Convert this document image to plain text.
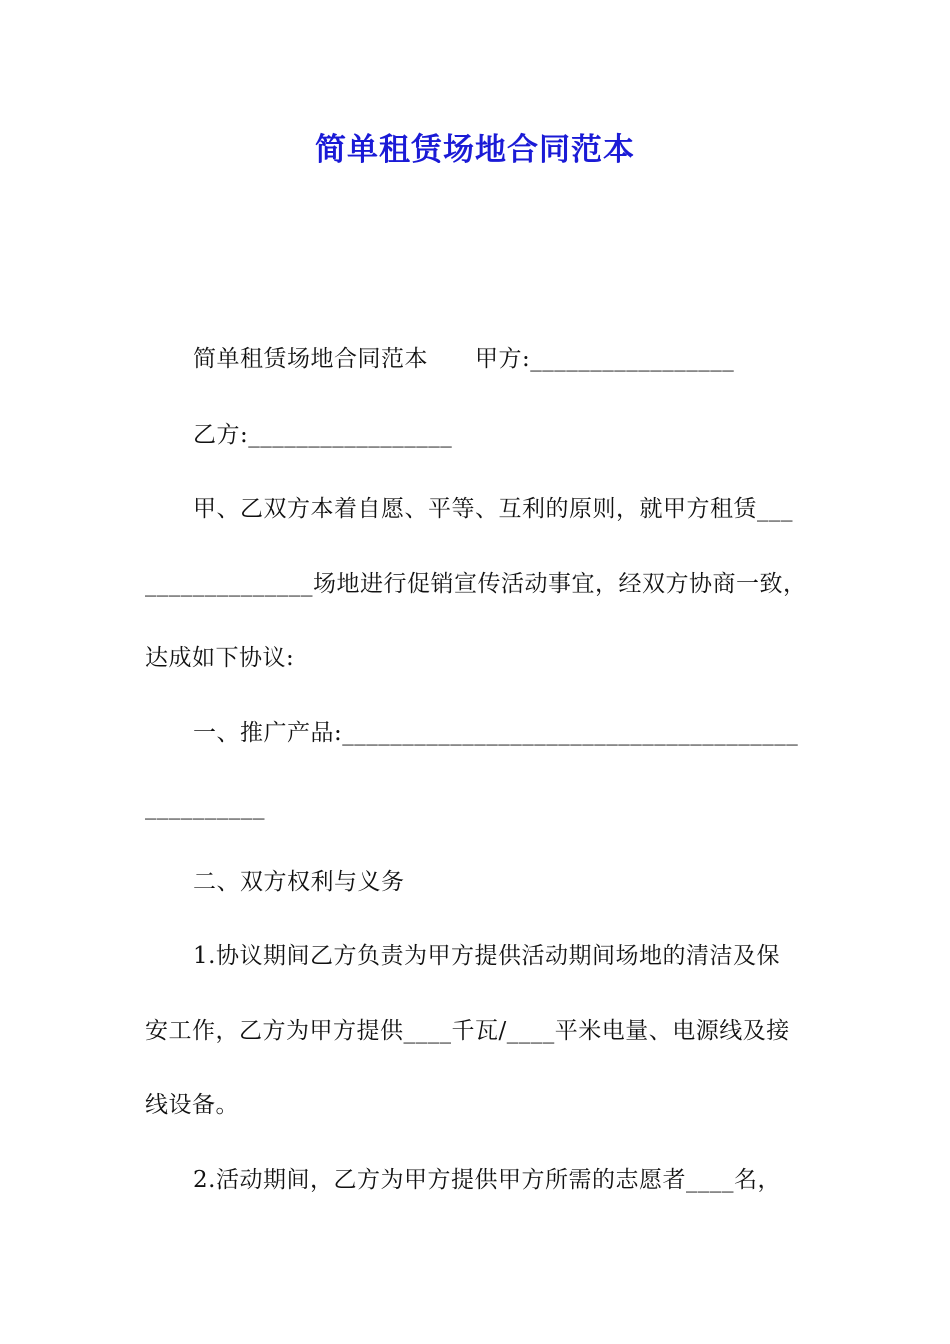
简单租赁场地合同范本
简单租赁场地合同范本　　甲方:_________________
乙方:_________________
甲、乙双方本着自愿、平等、互利的原则，就甲方租赁___
______________场地进行促销宣传活动事宜，经双方协商一致，
达成如下协议:
一、推广产品:______________________________________
__________
二、双方权利与义务
1.协议期间乙方负责为甲方提供活动期间场地的清洁及保
安工作，乙方为甲方提供____千瓦/____平米电量、电源线及接
线设备。
2.活动期间，乙方为甲方提供甲方所需的志愿者____名，
